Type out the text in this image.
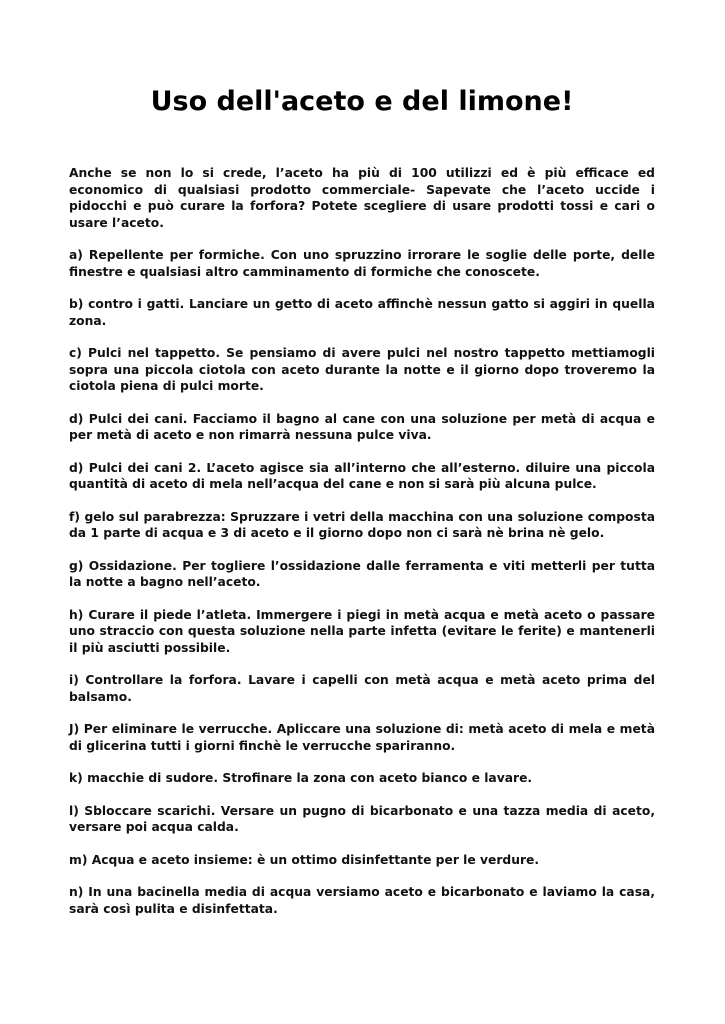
Uso dell'aceto e del limone!

Anche se non lo si crede, l’aceto ha più di 100 utilizzi ed è più efficace ed economico di qualsiasi prodotto commerciale- Sapevate che l’aceto uccide i pidocchi e può curare la forfora? Potete scegliere di usare prodotti tossi e cari o usare l’aceto.

a) Repellente per formiche. Con uno spruzzino irrorare le soglie delle porte, delle finestre e qualsiasi altro camminamento di formiche che conoscete.

b) contro i gatti. Lanciare un getto di aceto affinchè nessun gatto si aggiri in quella zona.

c) Pulci nel tappetto. Se pensiamo di avere pulci nel nostro tappetto mettiamogli sopra una piccola ciotola con aceto durante la notte e il giorno dopo troveremo la ciotola piena di pulci morte.

d) Pulci dei cani. Facciamo il bagno al cane con una soluzione per metà di acqua e per metà di aceto e non rimarrà nessuna pulce viva.

d) Pulci dei cani 2. L’aceto agisce sia all’interno che all’esterno. diluire una piccola quantità di aceto di mela nell’acqua del cane e non si sarà più alcuna pulce.

f) gelo sul parabrezza: Spruzzare i vetri della macchina con una soluzione composta da 1 parte di acqua e 3 di aceto e il giorno dopo non ci sarà nè brina nè gelo.

g) Ossidazione. Per togliere l’ossidazione dalle ferramenta e viti metterli per tutta la notte a bagno nell’aceto.

h) Curare il piede l’atleta. Immergere i piegi in metà acqua e metà aceto o passare uno straccio con questa soluzione nella parte infetta (evitare le ferite) e mantenerli il più asciutti possibile.

i) Controllare la forfora. Lavare i capelli con metà acqua e metà aceto prima del balsamo.

J) Per eliminare le verrucche. Apliccare una soluzione di: metà aceto di mela e metà di glicerina tutti i giorni finchè le verrucche spariranno.

k) macchie di sudore. Strofinare la zona con aceto bianco e lavare.

l) Sbloccare scarichi. Versare un pugno di bicarbonato e una tazza media di aceto, versare poi acqua calda.

m) Acqua e aceto insieme: è un ottimo disinfettante per le verdure.

n) In una bacinella media di acqua versiamo aceto e bicarbonato e laviamo la casa, sarà così pulita e disinfettata.
